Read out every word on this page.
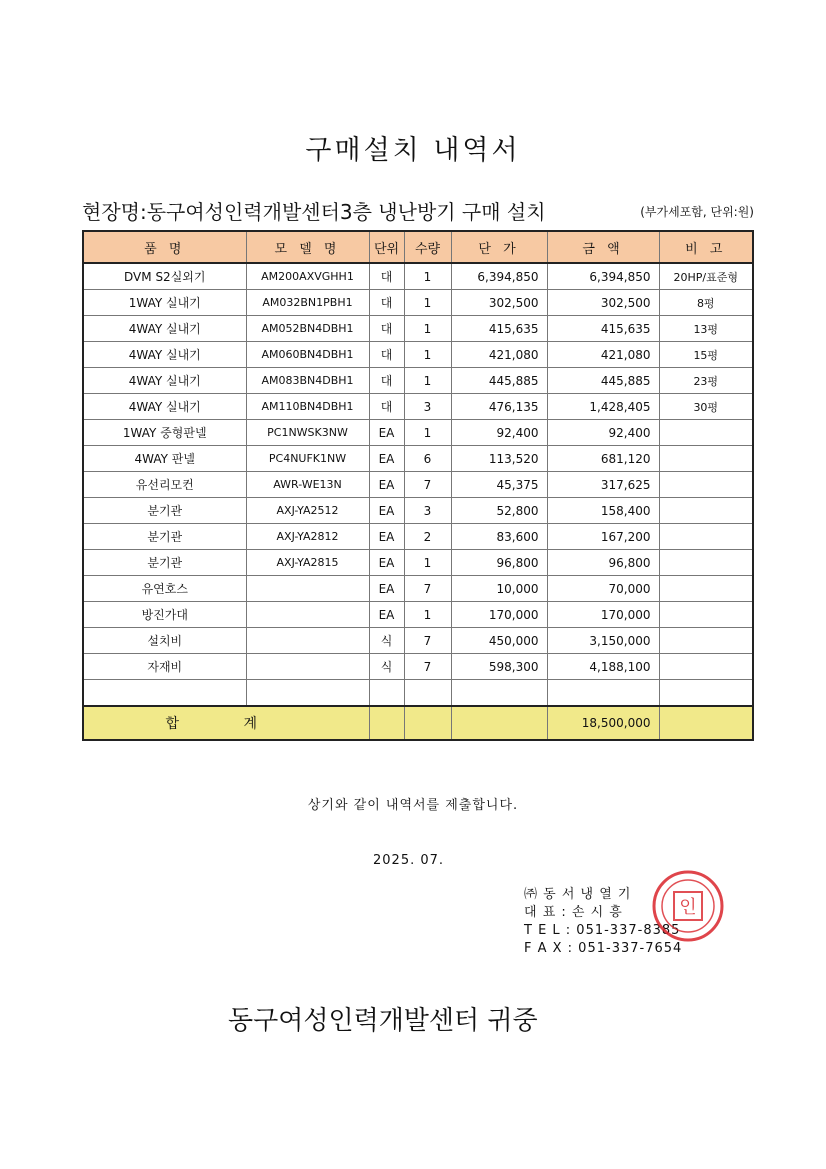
구매설치 내역서
현장명:동구여성인력개발센터3층 냉난방기 구매 설치	(부가세포함, 단위:원)
품 명	모 델 명	단위	수량	단 가	금 액	비 고
DVM S2실외기	AM200AXVGHH1	대	1	6,394,850	6,394,850	20HP/표준형
1WAY 실내기	AM032BN1PBH1	대	1	302,500	302,500	8평
4WAY 실내기	AM052BN4DBH1	대	1	415,635	415,635	13평
4WAY 실내기	AM060BN4DBH1	대	1	421,080	421,080	15평
4WAY 실내기	AM083BN4DBH1	대	1	445,885	445,885	23평
4WAY 실내기	AM110BN4DBH1	대	3	476,135	1,428,405	30평
1WAY 중형판넬	PC1NWSK3NW	EA	1	92,400	92,400	
4WAY 판넬	PC4NUFK1NW	EA	6	113,520	681,120	
유선리모컨	AWR-WE13N	EA	7	45,375	317,625	
분기관	AXJ-YA2512	EA	3	52,800	158,400	
분기관	AXJ-YA2812	EA	2	83,600	167,200	
분기관	AXJ-YA2815	EA	1	96,800	96,800	
유연호스		EA	7	10,000	70,000	
방진가대		EA	1	170,000	170,000	
설치비		식	7	450,000	3,150,000	
자재비		식	7	598,300	4,188,100	

합 계					18,500,000	
상기와 같이 내역서를 제출합니다.
2025. 07.
㈜ 동 서 냉 열 기
대 표 : 손 시 흥
T E L : 051-337-8385
F A X : 051-337-7654
인
동구여성인력개발센터 귀중
